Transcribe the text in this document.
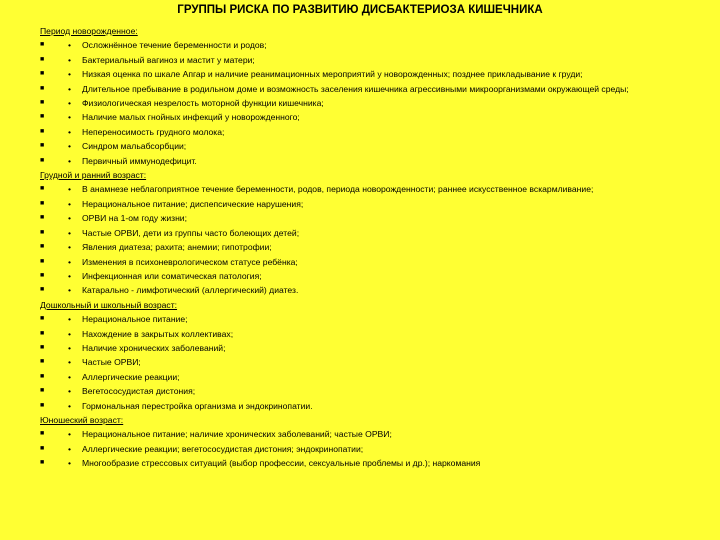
ГРУППЫ РИСКА ПО РАЗВИТИЮ ДИСБАКТЕРИОЗА КИШЕЧНИКА
Период новорожденное:
■	• Осложнённое течение беременности и родов;
■	• Бактериальный вагиноз и мастит у матери;
■	• Низкая оценка по шкале Апгар и наличие реанимационных мероприятий у новорожденных; позднее прикладывание к груди;
■	• Длительное пребывание в родильном доме и возможность заселения кишечника агрессивными микроорганизмами окружающей среды;
■	• Физиологическая незрелость моторной функции кишечника;
■	• Наличие малых гнойных инфекций у новорожденного;
■	• Непереносимость грудного молока;
■	• Синдром мальабсорбции;
■	• Первичный иммунодефицит.
Грудной и ранний возраст:
■	• В анамнезе неблагоприятное течение беременности, родов, периода новорожденности; раннее искусственное вскармливание;
■	• Нерациональное питание; диспепсические нарушения;
■	• ОРВИ на 1-ом году жизни;
■	• Частые ОРВИ, дети из группы часто болеющих детей;
■	• Явления диатеза; рахита; анемии; гипотрофии;
■	• Изменения в психоневрологическом статусе ребёнка;
■	• Инфекционная или соматическая патология;
■	• Катарально - лимфотический (аллергический) диатез.
Дошкольный и школьный возраст:
■	• Нерациональное питание;
■	• Нахождение в закрытых коллективах;
■	• Наличие хронических заболеваний;
■	• Частые ОРВИ;
■	• Аллергические реакции;
■	• Вегетососудистая дистония;
■	• Гормональная перестройка организма и эндокринопатии.
Юношеский возраст:
■	• Нерациональное питание; наличие хронических заболеваний; частые ОРВИ;
■	• Аллергические реакции; вегетососудистая дистония; эндокринопатии;
■	• Многообразие стрессовых ситуаций (выбор профессии, сексуальные проблемы и др.); наркомания
